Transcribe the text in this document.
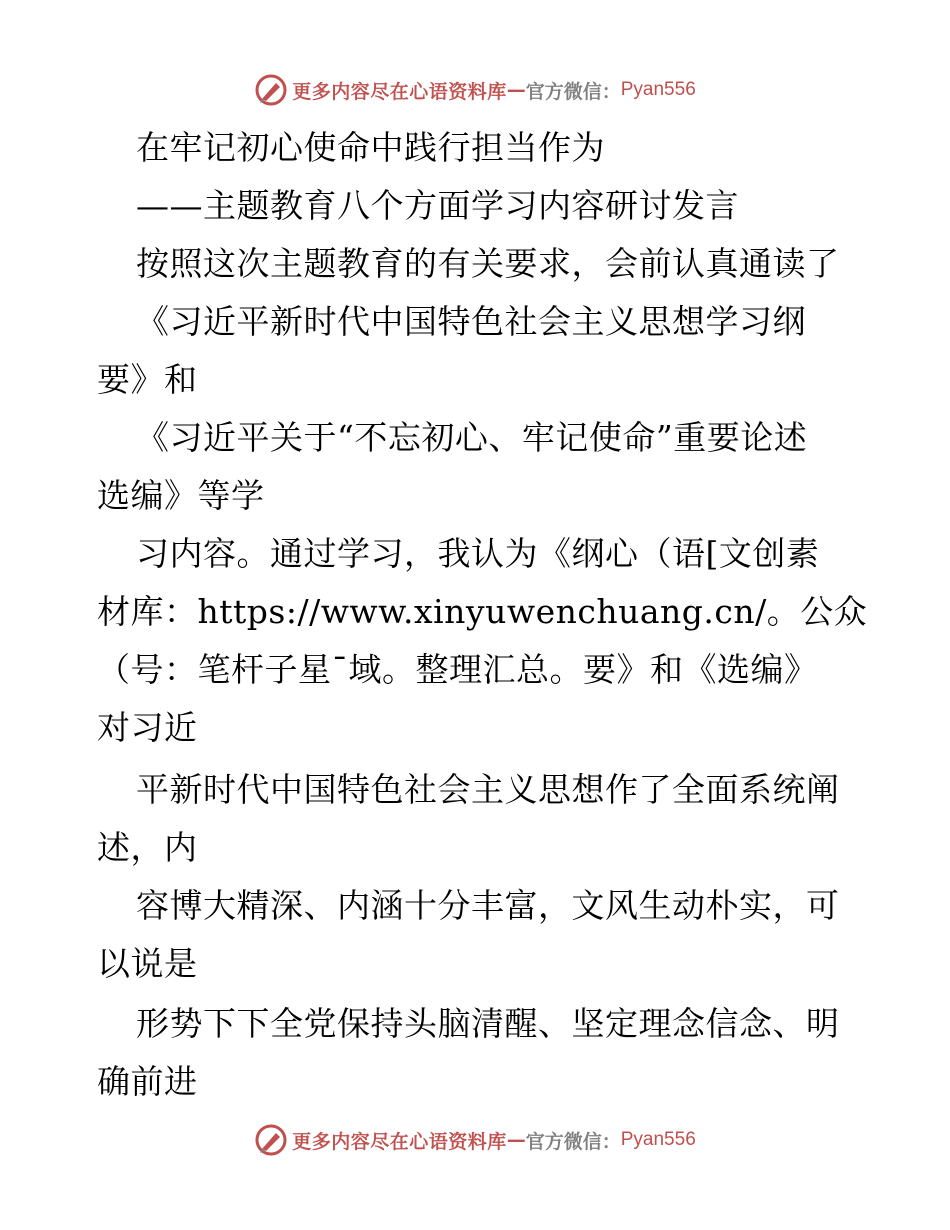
更多内容尽在心语资料库 — 官方微信： Pyan556
在牢记初心使命中践行担当作为
——主题教育八个方面学习内容研讨发言
按照这次主题教育的有关要求，会前认真通读了
《习近平新时代中国特色社会主义思想学习纲
要》和
《习近平关于“不忘初心、牢记使命”重要论述
选编》等学
习内容。通过学习，我认为《纲心（语[文创素
材库：https://www.xinyuwenchuang.cn/。公众
（号：笔杆子星¯域。整理汇总。要》和《选编》
对习近
平新时代中国特色社会主义思想作了全面系统阐
述，内
容博大精深、内涵十分丰富，文风生动朴实，可
以说是
形势下下全党保持头脑清醒、坚定理念信念、明
确前进
更多内容尽在心语资料库 — 官方微信： Pyan556
